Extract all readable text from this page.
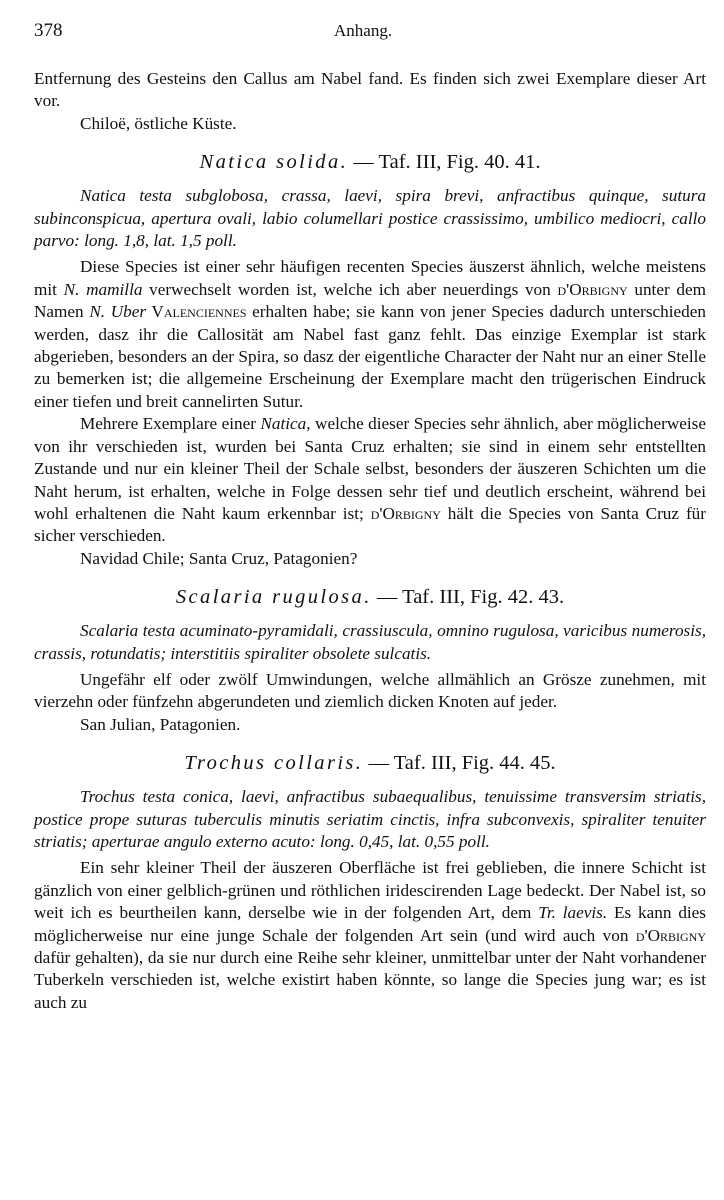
378	Anhang.

Entfernung des Gesteins den Callus am Nabel fand. Es finden sich zwei Exemplare dieser Art vor.

Chiloë, östliche Küste.

Natica solida. — Taf. III, Fig. 40. 41.

Natica testa subglobosa, crassa, laevi, spira brevi, anfractibus quinque, sutura subinconspicua, apertura ovali, labio columellari postice crassissimo, umbilico mediocri, callo parvo: long. 1,8, lat. 1,5 poll.

Diese Species ist einer sehr häufigen recenten Species äuszerst ähnlich, welche meistens mit N. mamilla verwechselt worden ist, welche ich aber neuerdings von d'Orbigny unter dem Namen N. Uber Valenciennes erhalten habe; sie kann von jener Species dadurch unterschieden werden, dasz ihr die Callosität am Nabel fast ganz fehlt. Das einzige Exemplar ist stark abgerieben, besonders an der Spira, so dasz der eigentliche Character der Naht nur an einer Stelle zu bemerken ist; die allgemeine Erscheinung der Exemplare macht den trügerischen Eindruck einer tiefen und breit cannelirten Sutur.

Mehrere Exemplare einer Natica, welche dieser Species sehr ähnlich, aber möglicherweise von ihr verschieden ist, wurden bei Santa Cruz erhalten; sie sind in einem sehr entstellten Zustande und nur ein kleiner Theil der Schale selbst, besonders der äuszeren Schichten um die Naht herum, ist erhalten, welche in Folge dessen sehr tief und deutlich erscheint, während bei wohl erhaltenen die Naht kaum erkennbar ist; d'Orbigny hält die Species von Santa Cruz für sicher verschieden.

Navidad Chile; Santa Cruz, Patagonien?

Scalaria rugulosa. — Taf. III, Fig. 42. 43.

Scalaria testa acuminato-pyramidali, crassiuscula, omnino rugulosa, varicibus numerosis, crassis, rotundatis; interstitiis spiraliter obsolete sulcatis.

Ungefähr elf oder zwölf Umwindungen, welche allmählich an Grösze zunehmen, mit vierzehn oder fünfzehn abgerundeten und ziemlich dicken Knoten auf jeder.

San Julian, Patagonien.

Trochus collaris. — Taf. III, Fig. 44. 45.

Trochus testa conica, laevi, anfractibus subaequalibus, tenuissime transversim striatis, postice prope suturas tuberculis minutis seriatim cinctis, infra subconvexis, spiraliter tenuiter striatis; aperturae angulo externo acuto: long. 0,45, lat. 0,55 poll.

Ein sehr kleiner Theil der äuszeren Oberfläche ist frei geblieben, die innere Schicht ist gänzlich von einer gelblich-grünen und röthlichen iridescirenden Lage bedeckt. Der Nabel ist, so weit ich es beurtheilen kann, derselbe wie in der folgenden Art, dem Tr. laevis. Es kann dies möglicherweise nur eine junge Schale der folgenden Art sein (und wird auch von d'Orbigny dafür gehalten), da sie nur durch eine Reihe sehr kleiner, unmittelbar unter der Naht vorhandener Tuberkeln verschieden ist, welche existirt haben könnte, so lange die Species jung war; es ist auch zu
